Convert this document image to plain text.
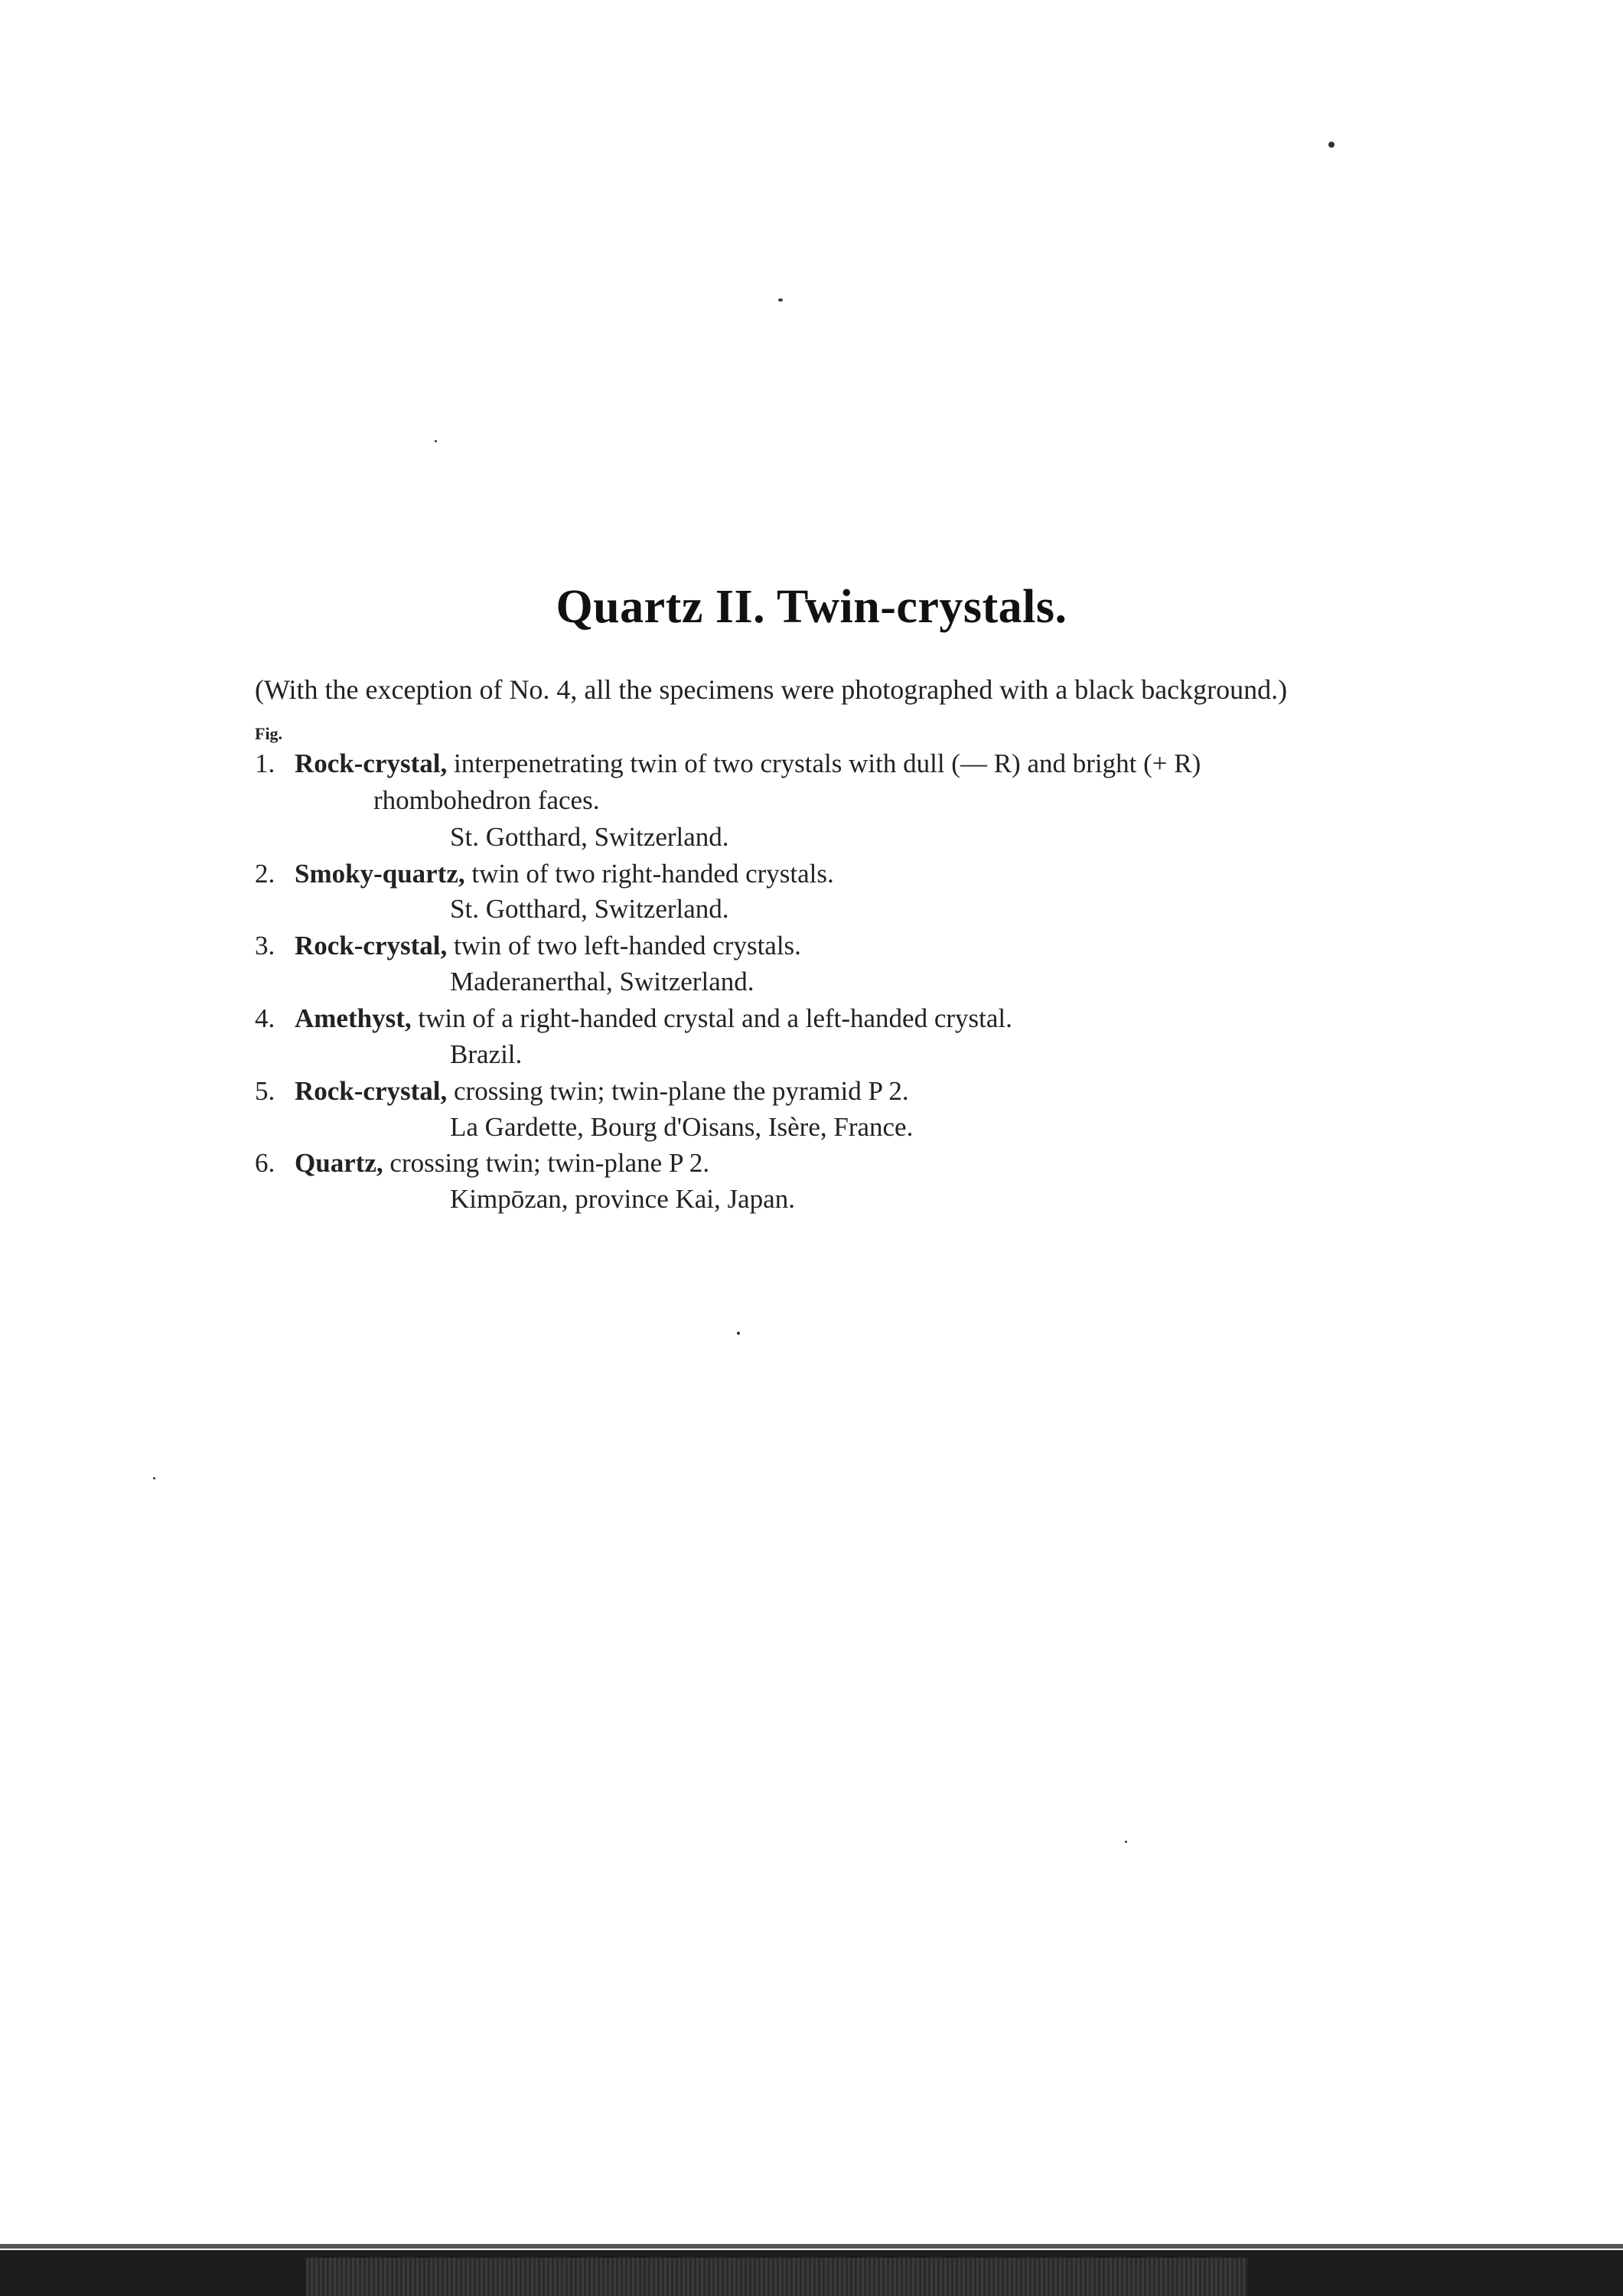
Quartz II. Twin-crystals.
(With the exception of No. 4, all the specimens were photographed with a black background.)
Fig.
1. Rock-crystal, interpenetrating twin of two crystals with dull (— R) and bright (+ R)
rhombohedron faces.
St. Gotthard, Switzerland.
2. Smoky-quartz, twin of two right-handed crystals.
St. Gotthard, Switzerland.
3. Rock-crystal, twin of two left-handed crystals.
Maderanerthal, Switzerland.
4. Amethyst, twin of a right-handed crystal and a left-handed crystal.
Brazil.
5. Rock-crystal, crossing twin; twin-plane the pyramid P 2.
La Gardette, Bourg d'Oisans, Isère, France.
6. Quartz, crossing twin; twin-plane P 2.
Kimpōzan, province Kai, Japan.
